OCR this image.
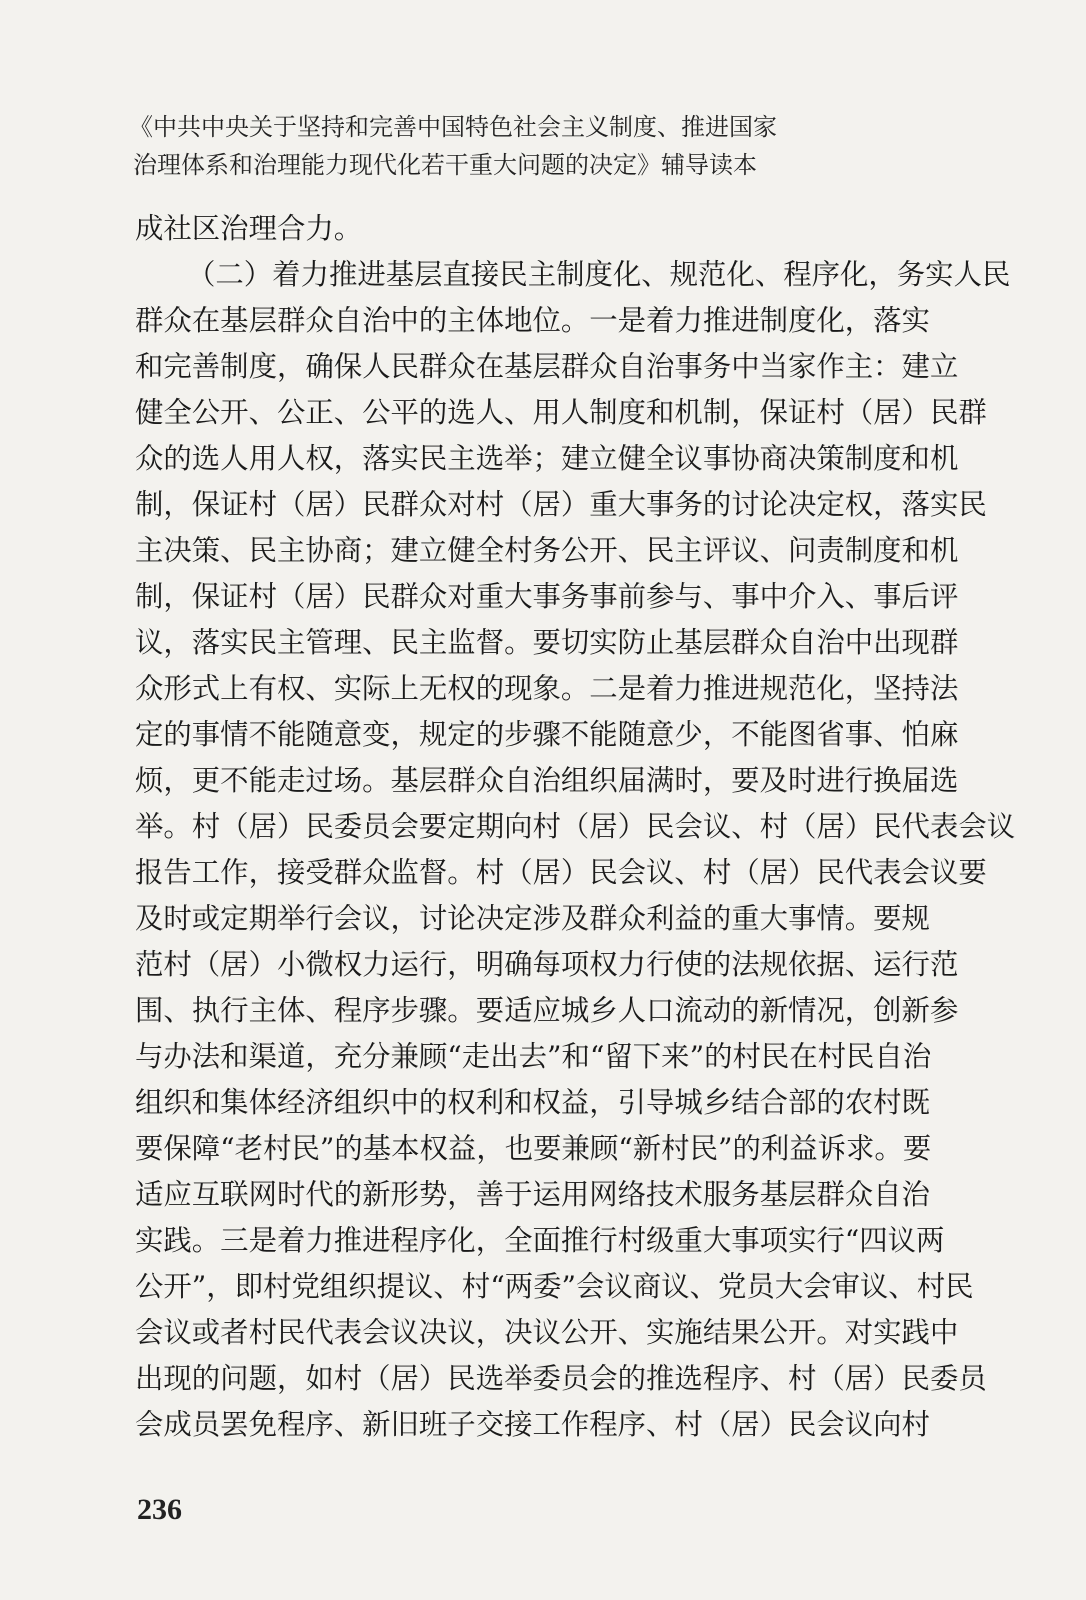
《中共中央关于坚持和完善中国特色社会主义制度、推进国家
治理体系和治理能力现代化若干重大问题的决定》辅导读本
成社区治理合力。
（二）着力推进基层直接民主制度化、规范化、程序化，务实人民
群众在基层群众自治中的主体地位。一是着力推进制度化，落实
和完善制度，确保人民群众在基层群众自治事务中当家作主：建立
健全公开、公正、公平的选人、用人制度和机制，保证村（居）民群
众的选人用人权，落实民主选举；建立健全议事协商决策制度和机
制，保证村（居）民群众对村（居）重大事务的讨论决定权，落实民
主决策、民主协商；建立健全村务公开、民主评议、问责制度和机
制，保证村（居）民群众对重大事务事前参与、事中介入、事后评
议，落实民主管理、民主监督。要切实防止基层群众自治中出现群
众形式上有权、实际上无权的现象。二是着力推进规范化，坚持法
定的事情不能随意变，规定的步骤不能随意少，不能图省事、怕麻
烦，更不能走过场。基层群众自治组织届满时，要及时进行换届选
举。村（居）民委员会要定期向村（居）民会议、村（居）民代表会议
报告工作，接受群众监督。村（居）民会议、村（居）民代表会议要
及时或定期举行会议，讨论决定涉及群众利益的重大事情。要规
范村（居）小微权力运行，明确每项权力行使的法规依据、运行范
围、执行主体、程序步骤。要适应城乡人口流动的新情况，创新参
与办法和渠道，充分兼顾“走出去”和“留下来”的村民在村民自治
组织和集体经济组织中的权利和权益，引导城乡结合部的农村既
要保障“老村民”的基本权益，也要兼顾“新村民”的利益诉求。要
适应互联网时代的新形势，善于运用网络技术服务基层群众自治
实践。三是着力推进程序化，全面推行村级重大事项实行“四议两
公开”，即村党组织提议、村“两委”会议商议、党员大会审议、村民
会议或者村民代表会议决议，决议公开、实施结果公开。对实践中
出现的问题，如村（居）民选举委员会的推选程序、村（居）民委员
会成员罢免程序、新旧班子交接工作程序、村（居）民会议向村
236
